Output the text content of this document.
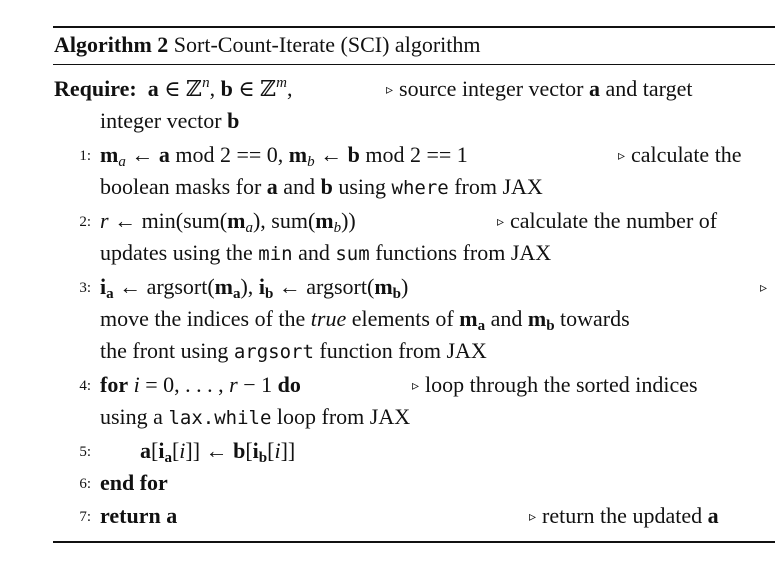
Algorithm 2 Sort-Count-Iterate (SCI) algorithm
Require: a ∈ ℤ$^n$, b ∈ ℤ$^m$,	▹ source integer vector a and target
integer vector b
1: $m_a$ ← a mod 2 == 0, $m_b$ ← b mod 2 == 1	▹ calculate the
boolean masks for a and b using where from JAX
2: r ← $\min(sum(m_a)$, $sum(m_b)$)	▹ calculate the number of
updates using the min and sum functions from JAX
3: $i_a$ ← $argsort(m_a)$, $i_b$ ← $argsort(m_b)$	▹
move the indices of the true elements of $m_a$ and $m_b$ towards
the front using argsort function from JAX
4: for i = 0, . . . , r − 1 do	▹ loop through the sorted indices
using a lax.while loop from JAX
5: $a[i_a[i]]$ ← $b[i_b[i]]$
6: end for
7: return a	▹ return the updated a
